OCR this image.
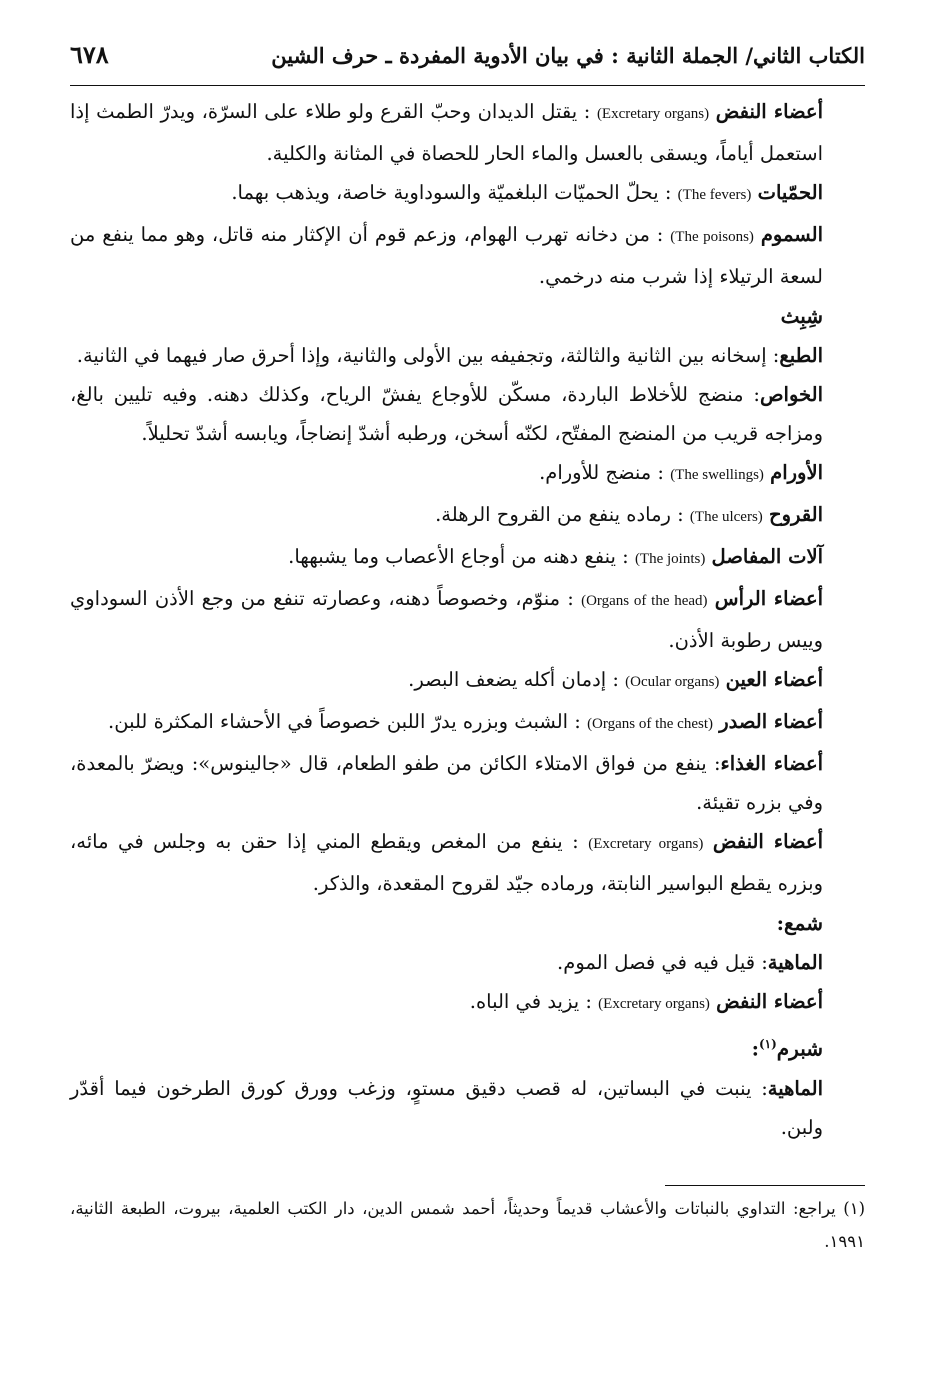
الكتاب الثاني/ الجملة الثانية : في بيان الأدوية المفردة ـ حرف الشين
٦٧٨

أعضاء النفض (Excretary organs) : يقتل الديدان وحبّ القرع ولو طلاء على السرّة، ويدرّ الطمث إذا استعمل أياماً، ويسقى بالعسل والماء الحار للحصاة في المثانة والكلية.

الحمّيات (The fevers) : يحلّ الحميّات البلغميّة والسوداوية خاصة، ويذهب بهما.

السموم (The poisons) : من دخانه تهرب الهوام، وزعم قوم أن الإكثار منه قاتل، وهو مما ينفع من لسعة الرتيلاء إذا شرب منه درخمي.

شِبِث

الطبع: إسخانه بين الثانية والثالثة، وتجفيفه بين الأولى والثانية، وإذا أحرق صار فيهما في الثانية.

الخواص: منضج للأخلاط الباردة، مسكّن للأوجاع يفشّ الرياح، وكذلك دهنه. وفيه تليين بالغ، ومزاجه قريب من المنضج المفتّح، لكنّه أسخن، ورطبه أشدّ إنضاجاً، ويابسه أشدّ تحليلاً.

الأورام (The swellings) : منضج للأورام.

القروح (The ulcers) : رماده ينفع من القروح الرهلة.

آلات المفاصل (The joints) : ينفع دهنه من أوجاع الأعصاب وما يشبهها.

أعضاء الرأس (Organs of the head) : منوّم، وخصوصاً دهنه، وعصارته تنفع من وجع الأذن السوداوي وييس رطوبة الأذن.

أعضاء العين (Ocular organs) : إدمان أكله يضعف البصر.

أعضاء الصدر (Organs of the chest) : الشبث وبزره يدرّ اللبن خصوصاً في الأحشاء المكثرة للبن.

أعضاء الغذاء: ينفع من فواق الامتلاء الكائن من طفو الطعام، قال «جالينوس»: ويضرّ بالمعدة، وفي بزره تقيئة.

أعضاء النفض (Excretary organs) : ينفع من المغص ويقطع المني إذا حقن به وجلس في مائه، وبزره يقطع البواسير النابتة، ورماده جيّد لقروح المقعدة، والذكر.

شمع:

الماهية: قيل فيه في فصل الموم.

أعضاء النفض (Excretary organs) : يزيد في الباه.

شبرم$^{(١)}$:

الماهية: ينبت في البساتين، له قصب دقيق مستوٍ، وزغب وورق كورق الطرخون فيما أقدّر ولبن.

(١) يراجع: التداوي بالنباتات والأعشاب قديماً وحديثاً، أحمد شمس الدين، دار الكتب العلمية، بيروت، الطبعة الثانية، ١٩٩١.
